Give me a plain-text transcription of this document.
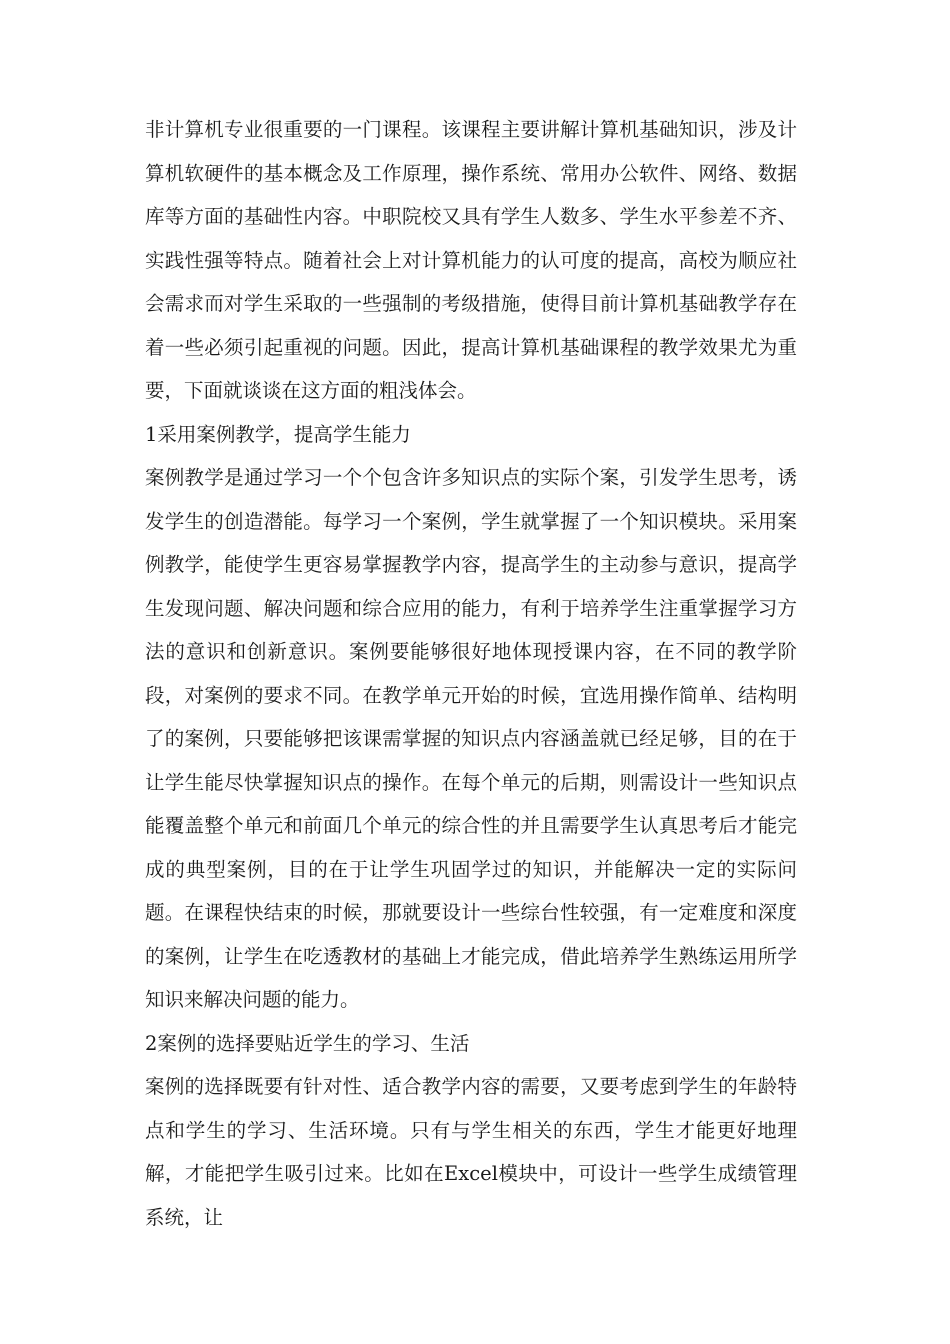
非计算机专业很重要的一门课程。该课程主要讲解计算机基础知识，涉及计算机软硬件的基本概念及工作原理，操作系统、常用办公软件、网络、数据库等方面的基础性内容。中职院校又具有学生人数多、学生水平参差不齐、实践性强等特点。随着社会上对计算机能力的认可度的提高，高校为顺应社会需求而对学生采取的一些强制的考级措施，使得目前计算机基础教学存在着一些必须引起重视的问题。因此，提高计算机基础课程的教学效果尤为重要，下面就谈谈在这方面的粗浅体会。

1采用案例教学，提高学生能力

案例教学是通过学习一个个包含许多知识点的实际个案，引发学生思考，诱发学生的创造潜能。每学习一个案例，学生就掌握了一个知识模块。采用案例教学，能使学生更容易掌握教学内容，提高学生的主动参与意识，提高学生发现问题、解决问题和综合应用的能力，有利于培养学生注重掌握学习方法的意识和创新意识。案例要能够很好地体现授课内容，在不同的教学阶段，对案例的要求不同。在教学单元开始的时候，宜选用操作简单、结构明了的案例，只要能够把该课需掌握的知识点内容涵盖就已经足够，目的在于让学生能尽快掌握知识点的操作。在每个单元的后期，则需设计一些知识点能覆盖整个单元和前面几个单元的综合性的并且需要学生认真思考后才能完成的典型案例，目的在于让学生巩固学过的知识，并能解决一定的实际问题。在课程快结束的时候，那就要设计一些综台性较强，有一定难度和深度的案例，让学生在吃透教材的基础上才能完成，借此培养学生熟练运用所学知识来解决问题的能力。

2案例的选择要贴近学生的学习、生活

案例的选择既要有针对性、适合教学内容的需要，又要考虑到学生的年龄特点和学生的学习、生活环境。只有与学生相关的东西，学生才能更好地理解，才能把学生吸引过来。比如在Excel模块中，可设计一些学生成绩管理系统，让
